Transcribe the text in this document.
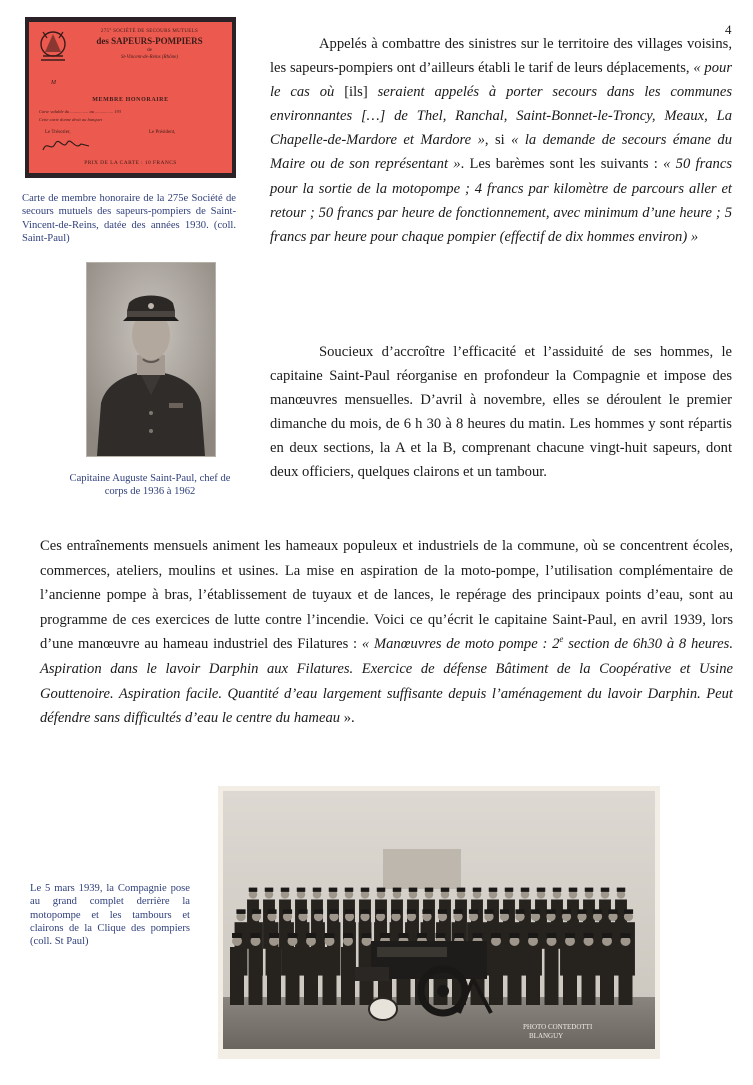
4
275° SOCIÉTÉ DE SECOURS MUTUELS
des SAPEURS-POMPIERS
de
St-Vincent-de-Reins (Rhône)
M
MEMBRE HONORAIRE
Carte valable du ................ au ................ 193
Cette carte donne droit au banquet
Le Trésorier,	Le Président,
PRIX DE LA CARTE : 10 FRANCS
Carte de membre honoraire de la 275e Société de secours mutuels des sapeurs-pompiers de Saint-Vincent-de-Reins, datée des années 1930. (coll. Saint-Paul)
Capitaine Auguste Saint-Paul, chef de corps de 1936 à 1962
Appelés à combattre des sinistres sur le territoire des villages voisins, les sapeurs-pompiers ont d’ailleurs établi le tarif de leurs déplacements, « pour le cas où [ils] seraient appelés à porter secours dans les communes environnantes […] de Thel, Ranchal, Saint-Bonnet-le-Troncy, Meaux, La Chapelle-de-Mardore et Mardore », si « la demande de secours émane du Maire ou de son représentant ». Les barèmes sont les suivants : « 50 francs pour la sortie de la motopompe ; 4 francs par kilomètre de parcours aller et retour ; 50 francs par heure de fonctionnement, avec minimum d’une heure ; 5 francs par heure pour chaque pompier (effectif de dix hommes environ) »
Soucieux d’accroître l’efficacité et l’assiduité de ses hommes, le capitaine Saint-Paul réorganise en profondeur la Compagnie et impose des manœuvres mensuelles. D’avril à novembre, elles se déroulent le premier dimanche du mois, de 6 h 30 à 8 heures du matin. Les hommes y sont répartis en deux sections, la A et la B, comprenant chacune vingt-huit sapeurs, dont deux officiers, quelques clairons et un tambour.
Ces entraînements mensuels animent les hameaux populeux et industriels de la commune, où se concentrent écoles, commerces, ateliers, moulins et usines. La mise en aspiration de la moto-pompe, l’utilisation complémentaire de l’ancienne pompe à bras, l’établissement de tuyaux et de lances, le repérage des principaux points d’eau, sont au programme de ces exercices de lutte contre l’incendie. Voici ce qu’écrit le capitaine Saint-Paul, en avril 1939, lors d’une manœuvre au hameau industriel des Filatures : « Manœuvres de moto pompe : 2e section de 6h30 à 8 heures. Aspiration dans le lavoir Darphin aux Filatures. Exercice de défense Bâtiment de la Coopérative et Usine Gouttenoire. Aspiration facile. Quantité d’eau largement suffisante depuis l’aménagement du lavoir Darphin. Peut défendre sans difficultés d’eau le centre du hameau ».
Le 5 mars 1939, la Compagnie pose au grand complet derrière la motopompe et les tambours et clairons de la Clique des pompiers (coll. St Paul)
PHOTO CONTEDOTTI BLANGUY
